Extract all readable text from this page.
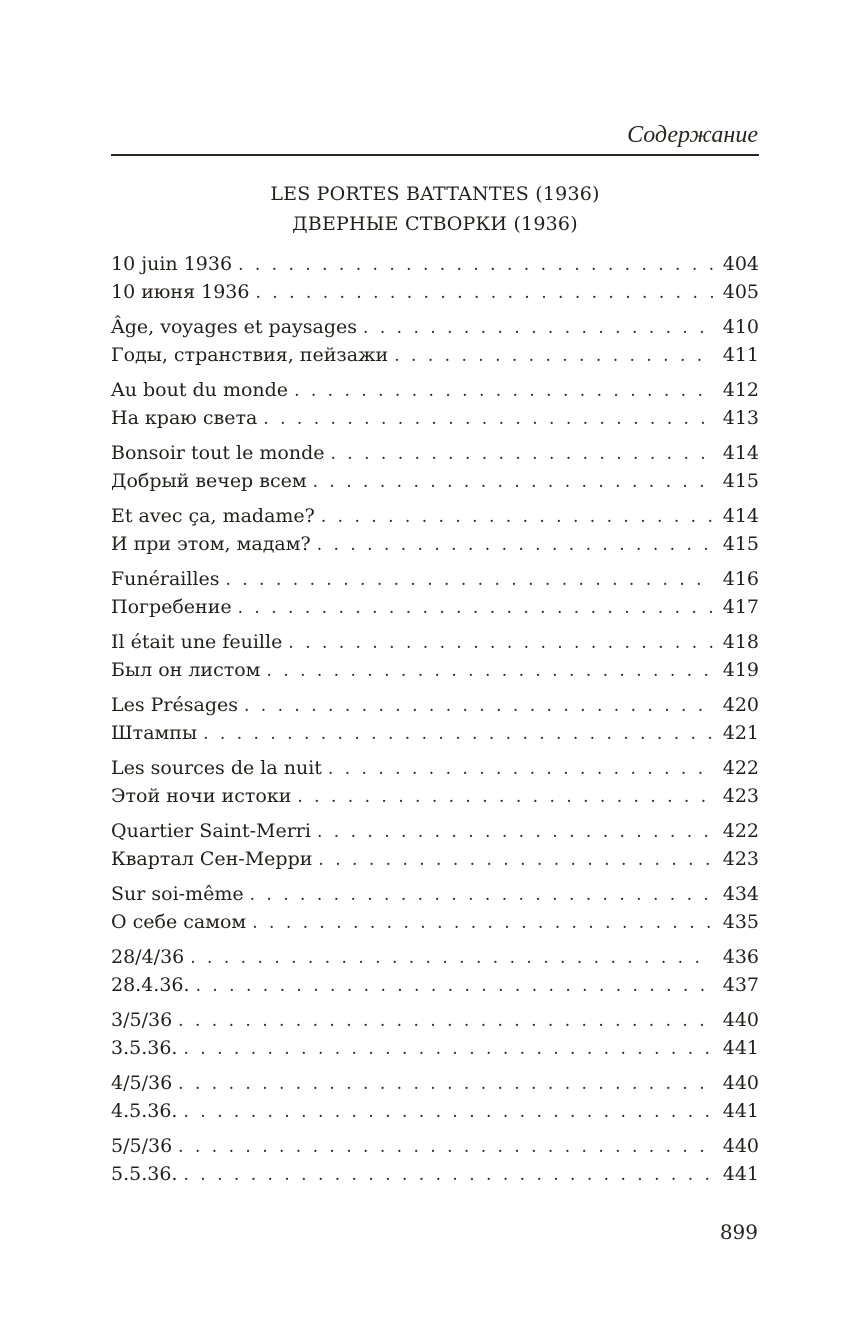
Содержание
LES PORTES BATTANTES (1936)
ДВЕРНЫЕ СТВОРКИ (1936)
10 juin 1936 . . .	404
10 июня 1936 . . .	405
Âge, voyages et paysages . . .	410
Годы, странствия, пейзажи . . .	411
Au bout du monde . . .	412
На краю света . . .	413
Bonsoir tout le monde . . .	414
Добрый вечер всем . . .	415
Et avec ça, madame? . . .	414
И при этом, мадам? . . .	415
Funérailles . . .	416
Погребение . . .	417
Il était une feuille . . .	418
Был он листом . . .	419
Les Présages . . .	420
Штампы . . .	421
Les sources de la nuit . . .	422
Этой ночи истоки . . .	423
Quartier Saint-Merri . . .	422
Квартал Сен-Мерри . . .	423
Sur soi-même . . .	434
О себе самом . . .	435
28/4/36 . . .	436
28.4.36. . . .	437
3/5/36 . . .	440
3.5.36. . . .	441
4/5/36 . . .	440
4.5.36. . . .	441
5/5/36 . . .	440
5.5.36. . . .	441
899
